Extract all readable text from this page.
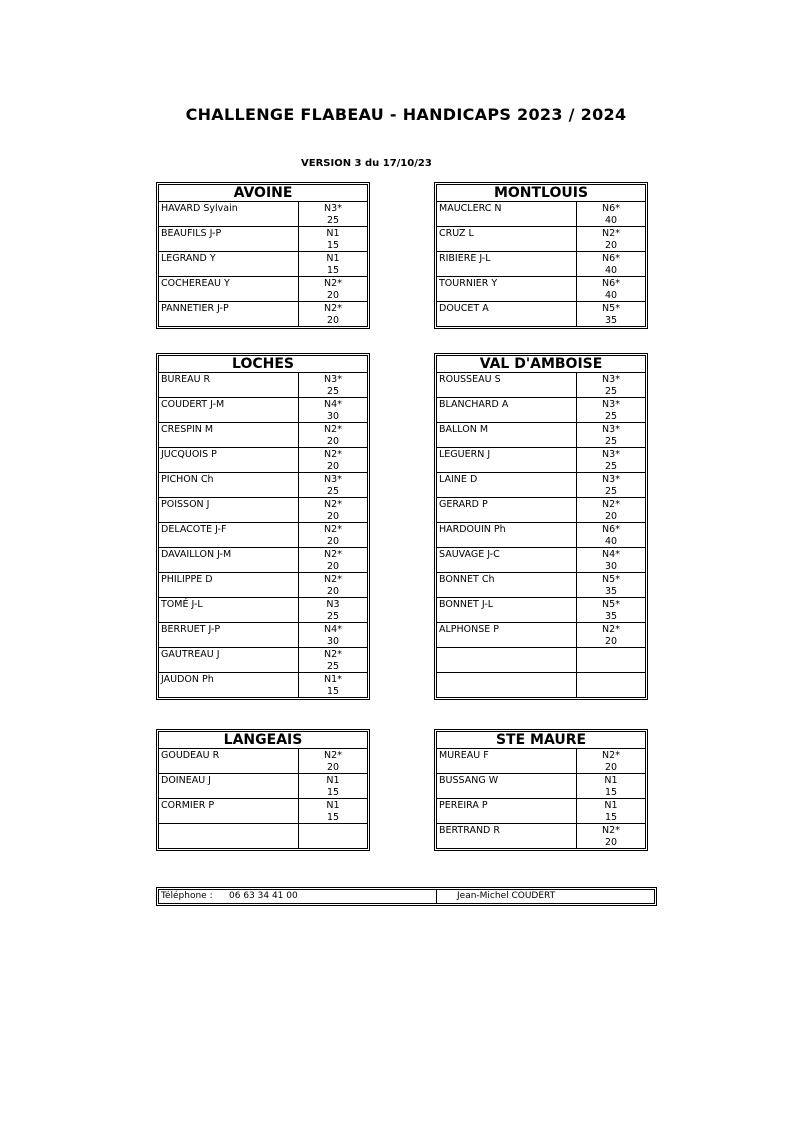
CHALLENGE FLABEAU - HANDICAPS 2023 / 2024
VERSION 3 du 17/10/23
AVOINE
HAVARD Sylvain	N3*
25
BEAUFILS J-P	N1
15
LEGRAND Y	N1
15
COCHEREAU Y	N2*
20
PANNETIER J-P	N2*
20
MONTLOUIS
MAUCLERC N	N6*
40
CRUZ L	N2*
20
RIBIERE J-L	N6*
40
TOURNIER Y	N6*
40
DOUCET A	N5*
35
LOCHES
BUREAU R	N3*
25
COUDERT J-M	N4*
30
CRESPIN M	N2*
20
JUCQUOIS P	N2*
20
PICHON Ch	N3*
25
POISSON J	N2*
20
DELACOTE J-F	N2*
20
DAVAILLON J-M	N2*
20
PHILIPPE D	N2*
20
TOMÉ J-L	N3
25
BERRUET J-P	N4*
30
GAUTREAU J	N2*
25
JAUDON Ph	N1*
15
VAL D'AMBOISE
ROUSSEAU S	N3*
25
BLANCHARD A	N3*
25
BALLON M	N3*
25
LEGUERN J	N3*
25
LAINE D	N3*
25
GERARD P	N2*
20
HARDOUIN Ph	N6*
40
SAUVAGE J-C	N4*
30
BONNET Ch	N5*
35
BONNET J-L	N5*
35
ALPHONSE P	N2*
20
LANGEAIS
GOUDEAU R	N2*
20
DOINEAU J	N1
15
CORMIER P	N1
15
STE MAURE
MUREAU F	N2*
20
BUSSANG W	N1
15
PEREIRA P	N1
15
BERTRAND R	N2*
20
Téléphone : 06 63 34 41 00	Jean-Michel COUDERT
